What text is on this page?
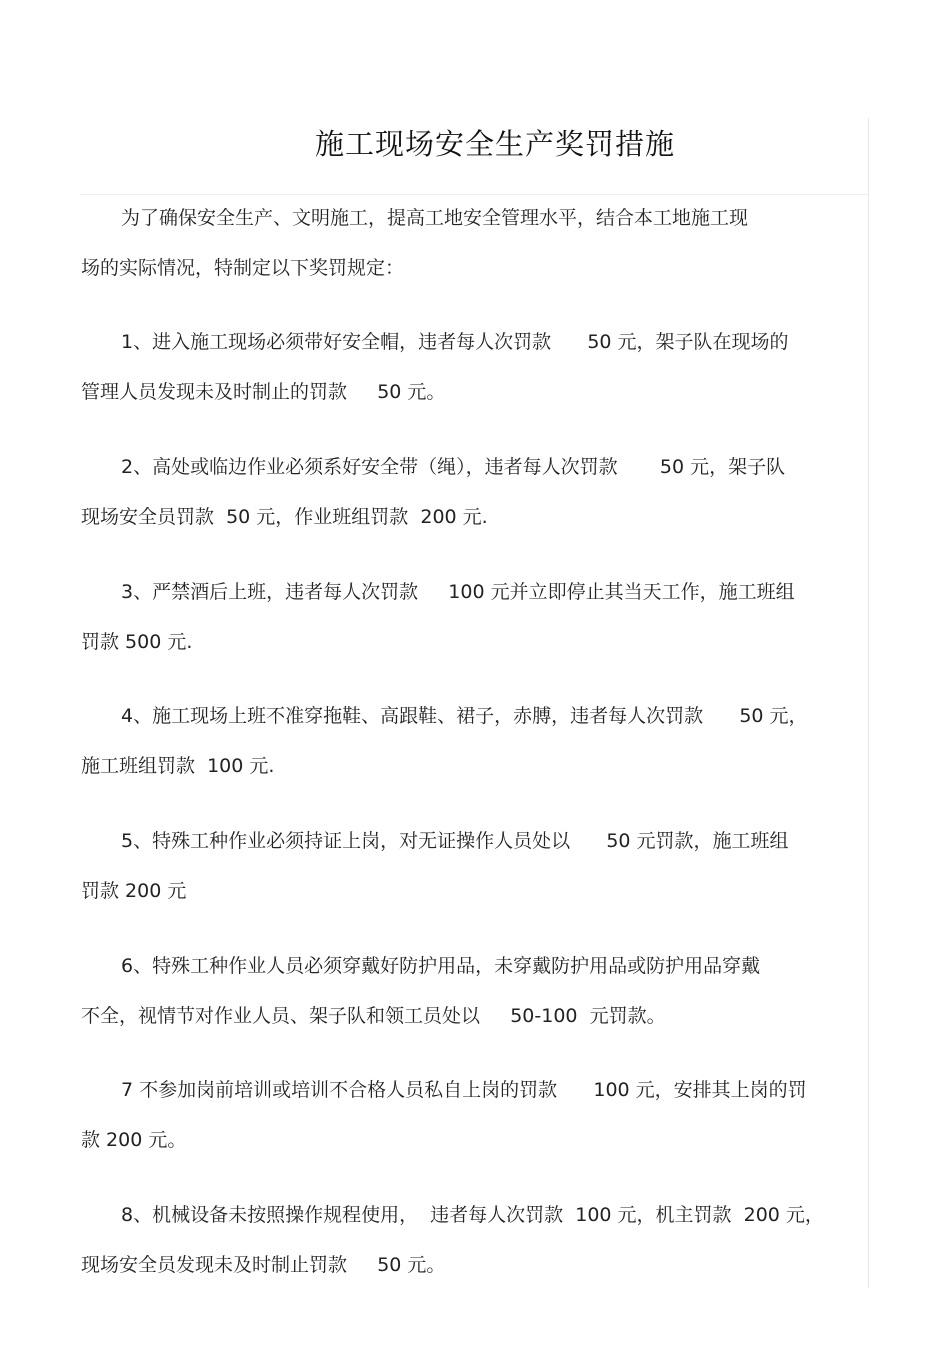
施工现场安全生产奖罚措施
为了确保安全生产、文明施工，提高工地安全管理水平，结合本工地施工现
场的实际情况，特制定以下奖罚规定：
1、进入施工现场必须带好安全帽，违者每人次罚款      50 元，架子队在现场的
管理人员发现未及时制止的罚款     50 元。
2、高处或临边作业必须系好安全带（绳），违者每人次罚款       50 元，架子队
现场安全员罚款  50 元，作业班组罚款  200 元.
3、严禁酒后上班，违者每人次罚款     100 元并立即停止其当天工作，施工班组
罚款 500 元.
4、施工现场上班不准穿拖鞋、高跟鞋、裙子，赤膊，违者每人次罚款      50 元，
施工班组罚款  100 元.
5、特殊工种作业必须持证上岗，对无证操作人员处以      50 元罚款，施工班组
罚款 200 元
6、特殊工种作业人员必须穿戴好防护用品，未穿戴防护用品或防护用品穿戴
不全，视情节对作业人员、架子队和领工员处以     50-100  元罚款。
7 不参加岗前培训或培训不合格人员私自上岗的罚款      100 元，安排其上岗的罚
款 200 元。
8、机械设备未按照操作规程使用，  违者每人次罚款  100 元，机主罚款  200 元，
现场安全员发现未及时制止罚款     50 元。
